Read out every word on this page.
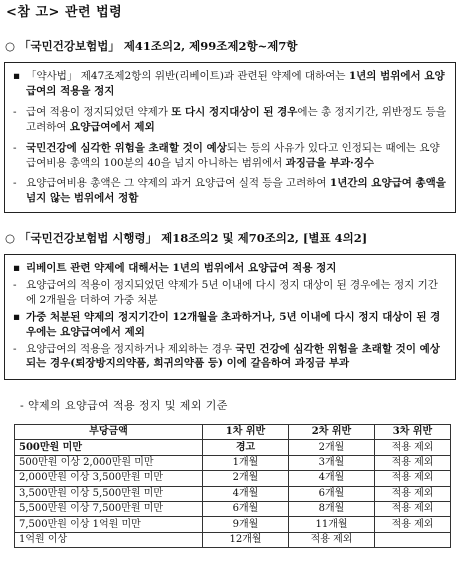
<참 고> 관련 법령
○ 「국민건강보험법」 제41조의2, 제99조제2항~제7항
▪ 「약사법」 제47조제2항의 위반(리베이트)과 관련된 약제에 대하여는 1년의 범위에서 요양급여의 적용을 정지
- 급여 적용이 정지되었던 약제가 또 다시 정지대상이 된 경우에는 총 정지기간, 위반정도 등을 고려하여 요양급여에서 제외
- 국민건강에 심각한 위험을 초래할 것이 예상되는 등의 사유가 있다고 인정되는 때에는 요양급여비용 총액의 100분의 40을 넘지 아니하는 범위에서 과징금을 부과·징수
- 요양급여비용 총액은 그 약제의 과거 요양급여 실적 등을 고려하여 1년간의 요양급여 총액을 넘지 않는 범위에서 정함
○ 「국민건강보험법 시행령」 제18조의2 및 제70조의2, [별표 4의2]
▪ 리베이트 관련 약제에 대해서는 1년의 범위에서 요양급여 적용 정지
- 요양급여의 적용이 정지되었던 약제가 5년 이내에 다시 정지 대상이 된 경우에는 정지 기간에 2개월을 더하여 가중 처분
▪ 가중 처분된 약제의 정지기간이 12개월을 초과하거나, 5년 이내에 다시 정지 대상이 된 경우에는 요양급여에서 제외
- 요양급여의 적용을 정지하거나 제외하는 경우 국민 건강에 심각한 위험을 초래할 것이 예상되는 경우(퇴장방지의약품, 희귀의약품 등) 이에 갈음하여 과징금 부과
- 약제의 요양급여 적용 정지 및 제외 기준
부당금액	1차 위반	2차 위반	3차 위반
500만원 미만	경고	2개월	적용 제외
500만원 이상 2,000만원 미만	1개월	3개월	적용 제외
2,000만원 이상 3,500만원 미만	2개월	4개월	적용 제외
3,500만원 이상 5,500만원 미만	4개월	6개월	적용 제외
5,500만원 이상 7,500만원 미만	6개월	8개월	적용 제외
7,500만원 이상 1억원 미만	9개월	11개월	적용 제외
1억원 이상	12개월	적용 제외	
